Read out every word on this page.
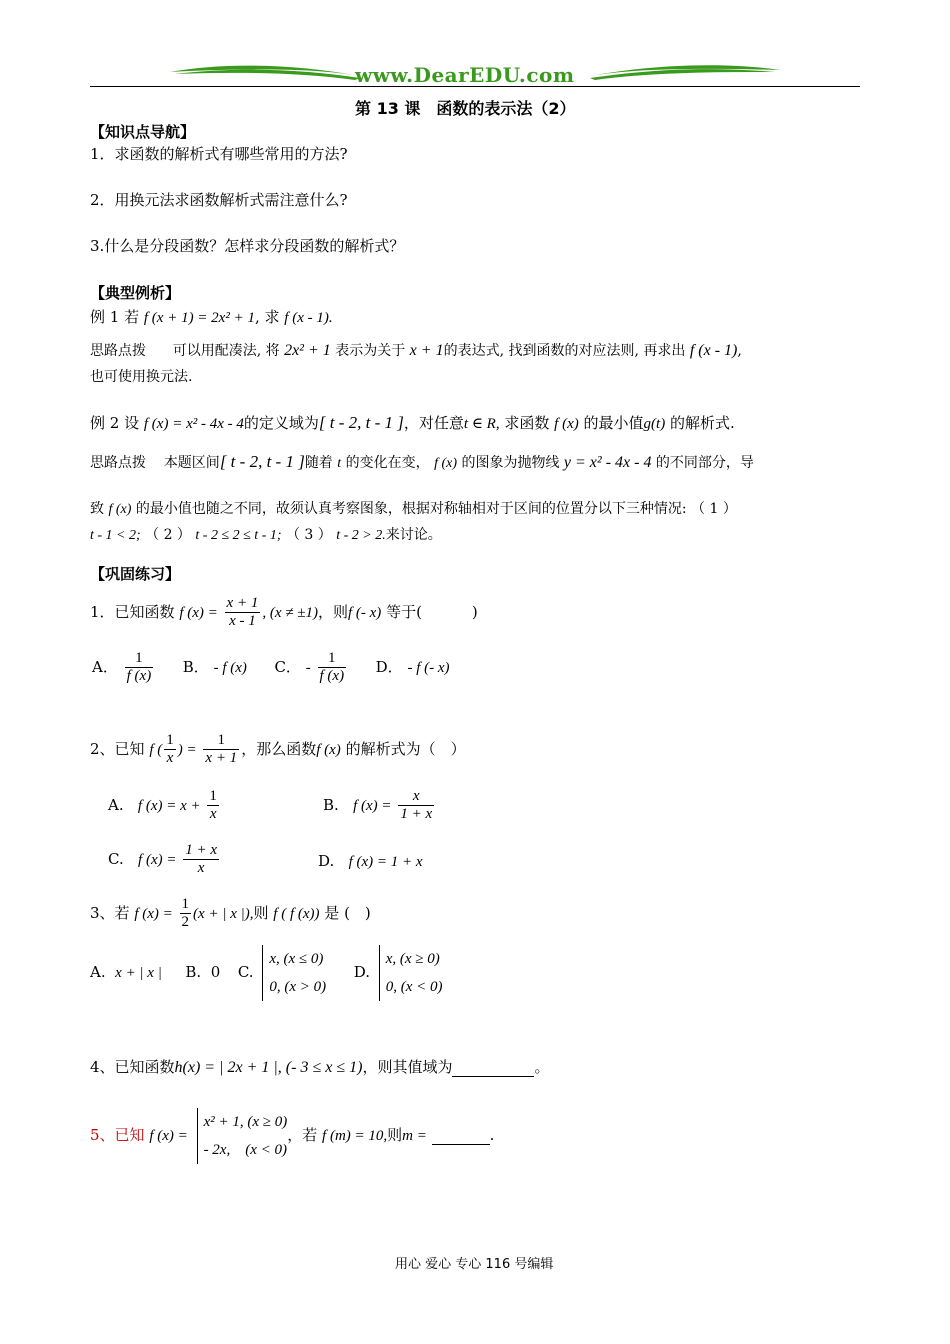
www.DearEDU.com
第 13 课　函数的表示法（2）
【知识点导航】
1．求函数的解析式有哪些常用的方法?
2．用换元法求函数解析式需注意什么?
3.什么是分段函数？怎样求分段函数的解析式？
【典型例析】
例 1 若 f (x + 1) = 2x² + 1, 求 f (x - 1).
思路点拨 可以用配凑法, 将 2x² + 1 表示为关于 x + 1的表达式, 找到函数的对应法则, 再求出 f (x - 1),
也可使用换元法.
例 2 设 f (x) = x² - 4x - 4的定义域为[ t - 2, t - 1 ]，对任意t ∈ R, 求函数 f (x) 的最小值g(t) 的解析式.
思路点拨 本题区间[ t - 2, t - 1 ]随着 t 的变化在变， f (x) 的图象为抛物线 y = x² - 4x - 4 的不同部分，导
致 f (x) 的最小值也随之不同，故须认真考察图象，根据对称轴相对于区间的位置分以下三种情况: （ 1 ）
t - 1 < 2; （ 2 ） t - 2 ≤ 2 ≤ t - 1; （ 3 ） t - 2 > 2.来讨论。
【巩固练习】
1．已知函数 f $(x) = \frac{x + 1}{x - 1}$ , (x ≠ ±1)，则f (- x) 等于(	)
A． $\frac{1}{f (x)}$ B． - f (x) C． - $\frac{1}{f (x)}$ D． - f (- x)
2、已知 f ( $\frac{1}{x}$ ) = $\frac{1}{x + 1}$ ，那么函数f (x) 的解析式为（　）
A. f $(x) = x + \frac{1}{x}$	B. f $(x) = \frac{x}{1 + x}$
C. f $(x) = \frac{1 + x}{x}$	D. f (x) = 1 + x
3、若 f $(x) = \frac{1}{2} (x$ + | x |),则 f ( f (x)) 是 (　)
A. x + | x | B. 0 C.
x, (x ≤ 0)
0, (x > 0)
D.
x, (x ≥ 0)
0, (x < 0)
4、已知函数h(x) = | 2x + 1 |, (- 3 ≤ x ≤ 1)，则其值域为	。
5、已知 f (x) =
x² + 1, (x ≥ 0)
- 2x,　(x < 0)
，若 f (m) = 10,则m =	.
用心 爱心 专心 116 号编辑
